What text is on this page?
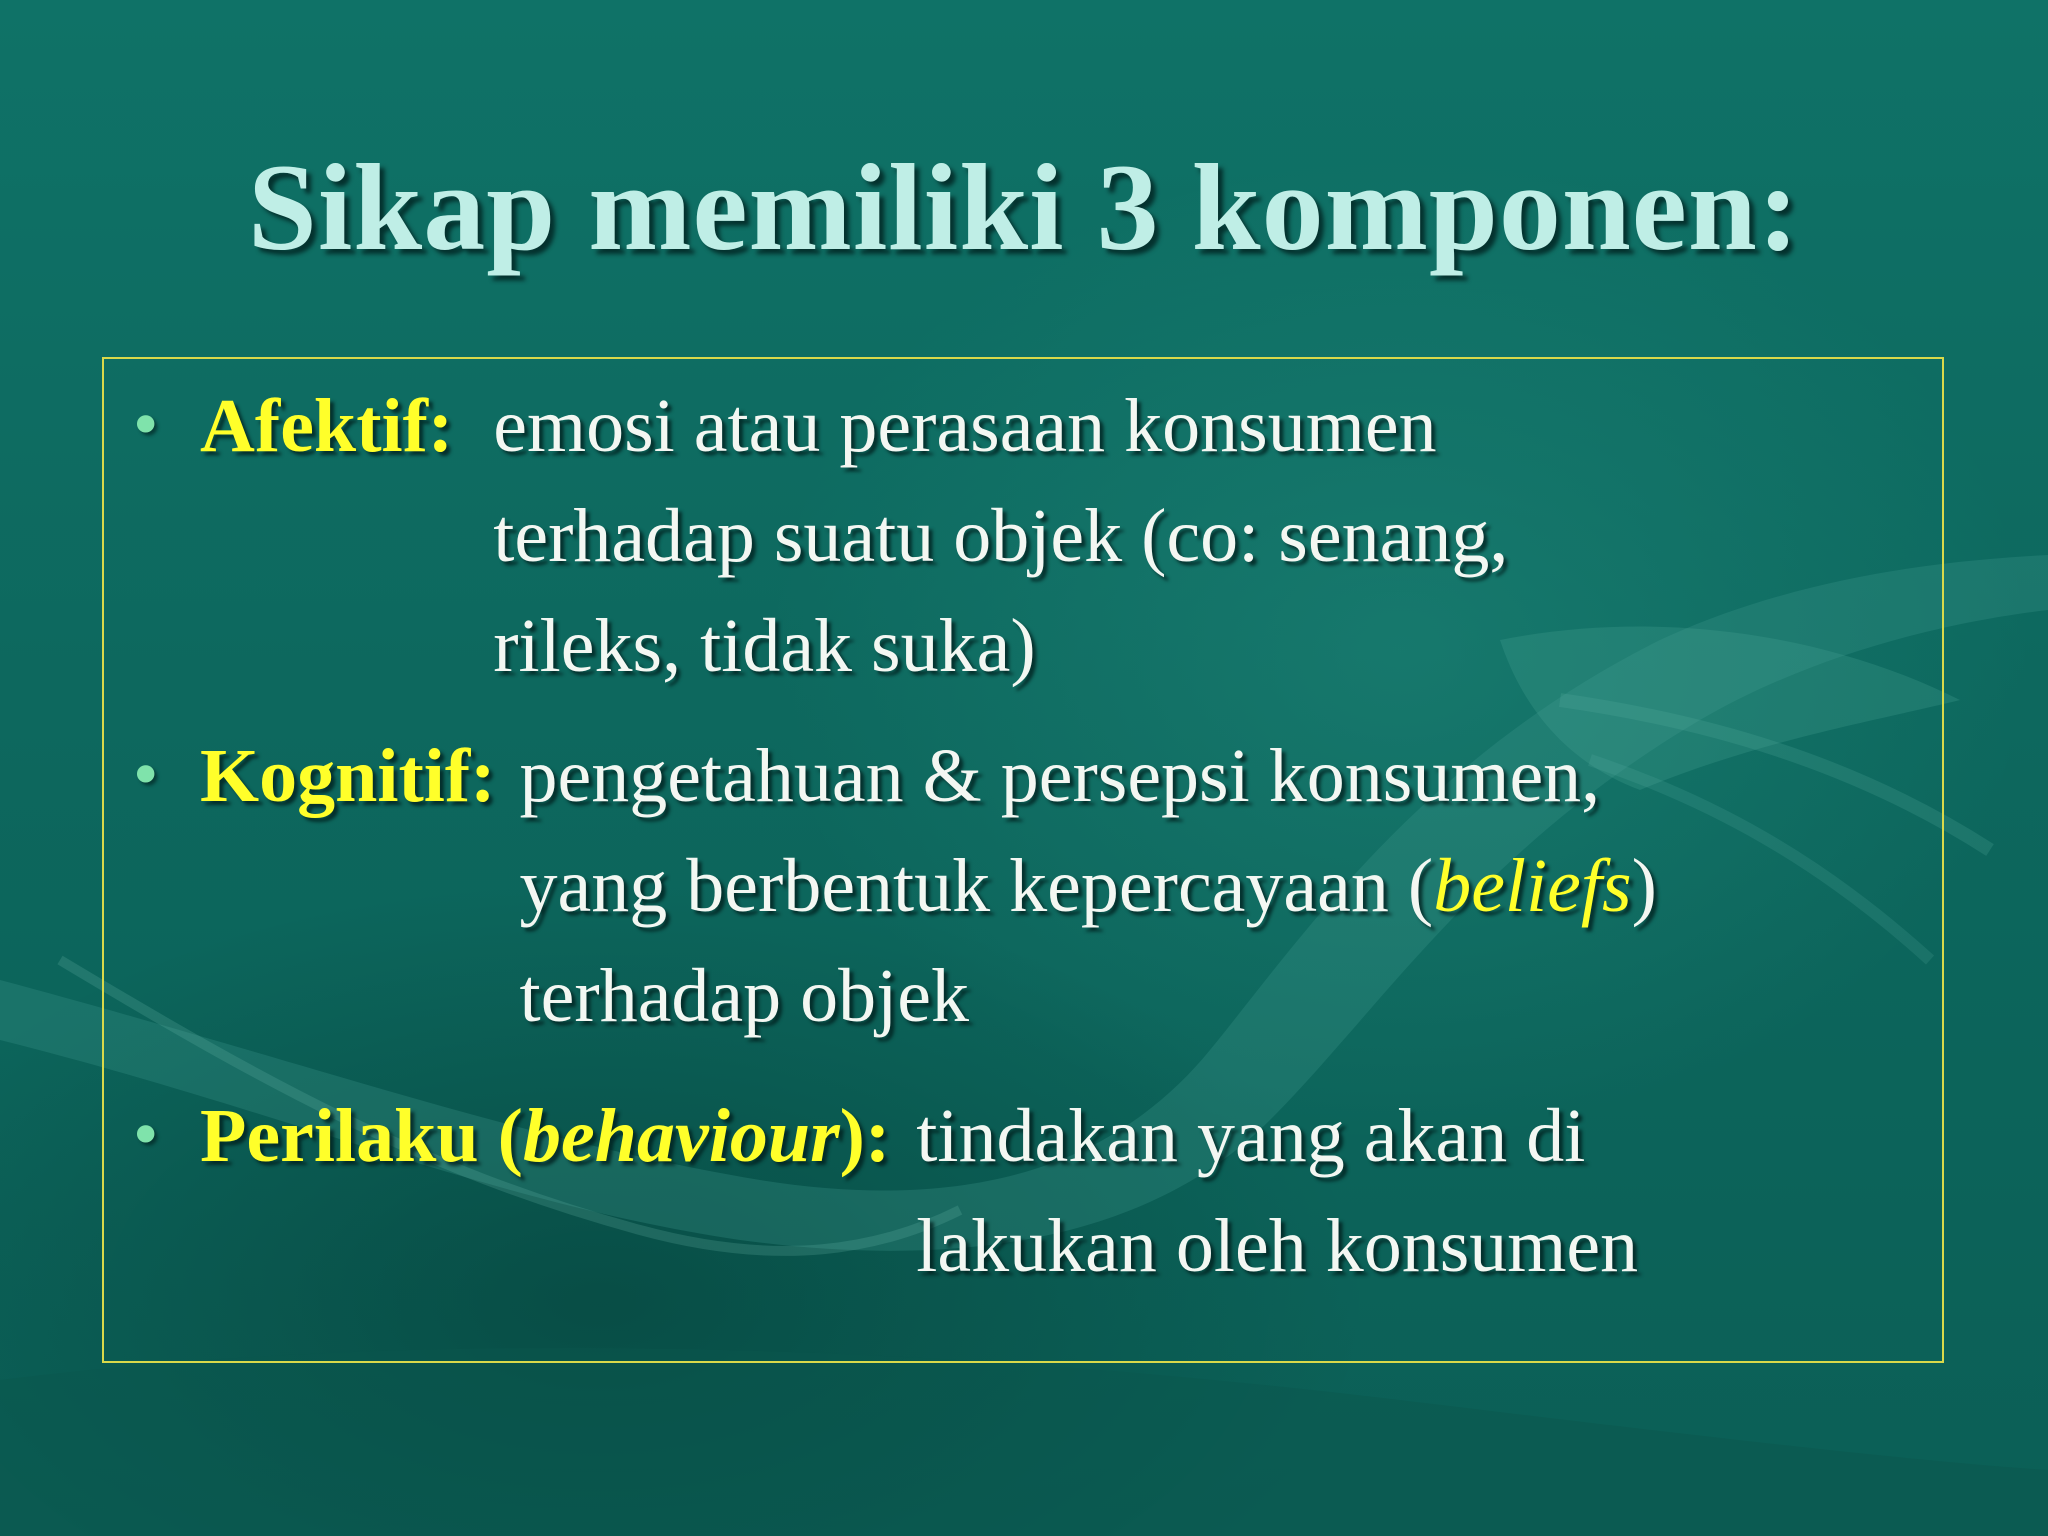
Sikap memiliki 3 komponen:
• Afektif: emosi atau perasaan konsumen
terhadap suatu objek (co: senang,
rileks, tidak suka)
• Kognitif: pengetahuan & persepsi konsumen,
yang berbentuk kepercayaan (beliefs)
terhadap objek
• Perilaku (behaviour): tindakan yang akan di
lakukan oleh konsumen
